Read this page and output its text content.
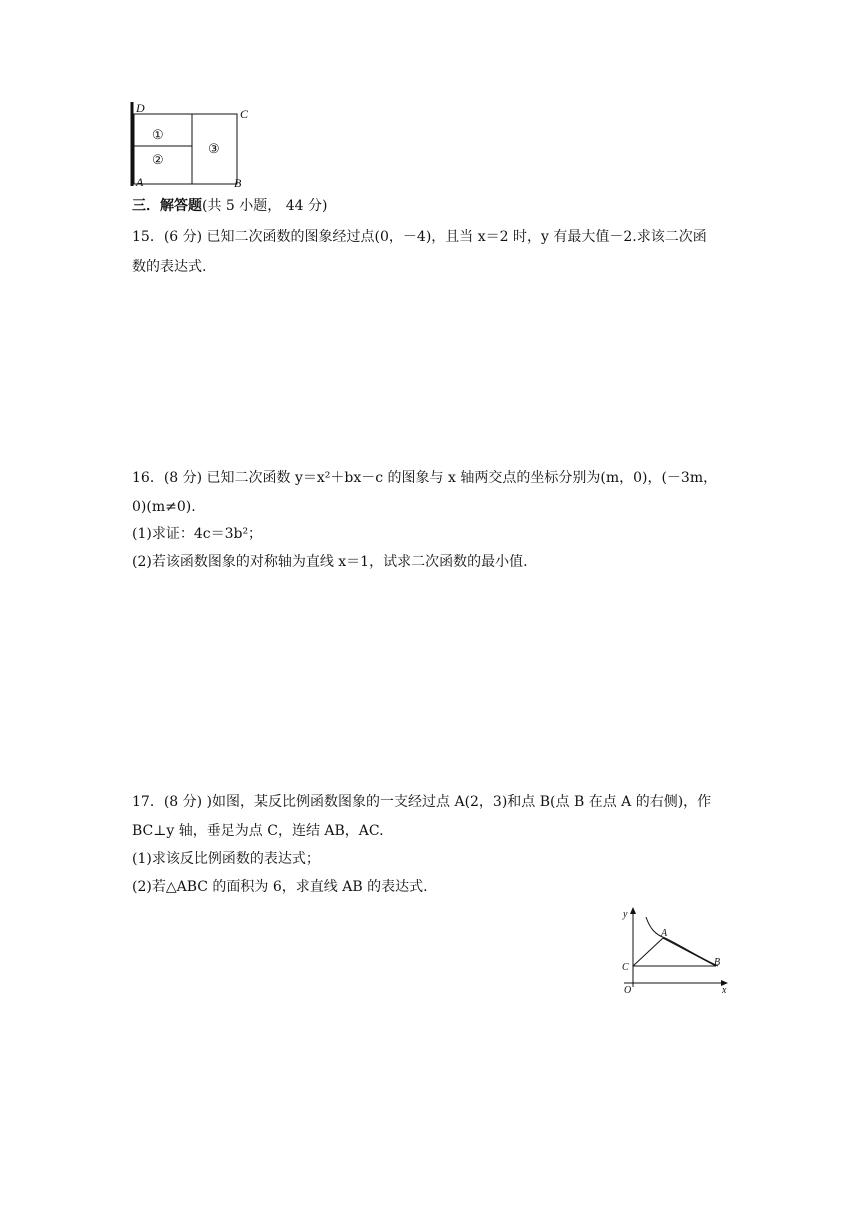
D	C
A	B
①
②
③
三．解答题(共 5 小题， 44 分)
15．(6 分) 已知二次函数的图象经过点(0，－4)，且当 x＝2 时，y 有最大值－2.求该二次函
数的表达式.
16．(8 分) 已知二次函数 y＝x²＋bx－c 的图象与 x 轴两交点的坐标分别为(m，0)，(－3m，
0)(m≠0).
(1)求证：4c＝3b²；
(2)若该函数图象的对称轴为直线 x＝1，试求二次函数的最小值.
17．(8 分) )如图，某反比例函数图象的一支经过点 A(2，3)和点 B(点 B 在点 A 的右侧)，作
BC⊥y 轴，垂足为点 C，连结 AB，AC.
(1)求该反比例函数的表达式；
(2)若△ABC 的面积为 6，求直线 AB 的表达式.
y
x
O
A
B
C
